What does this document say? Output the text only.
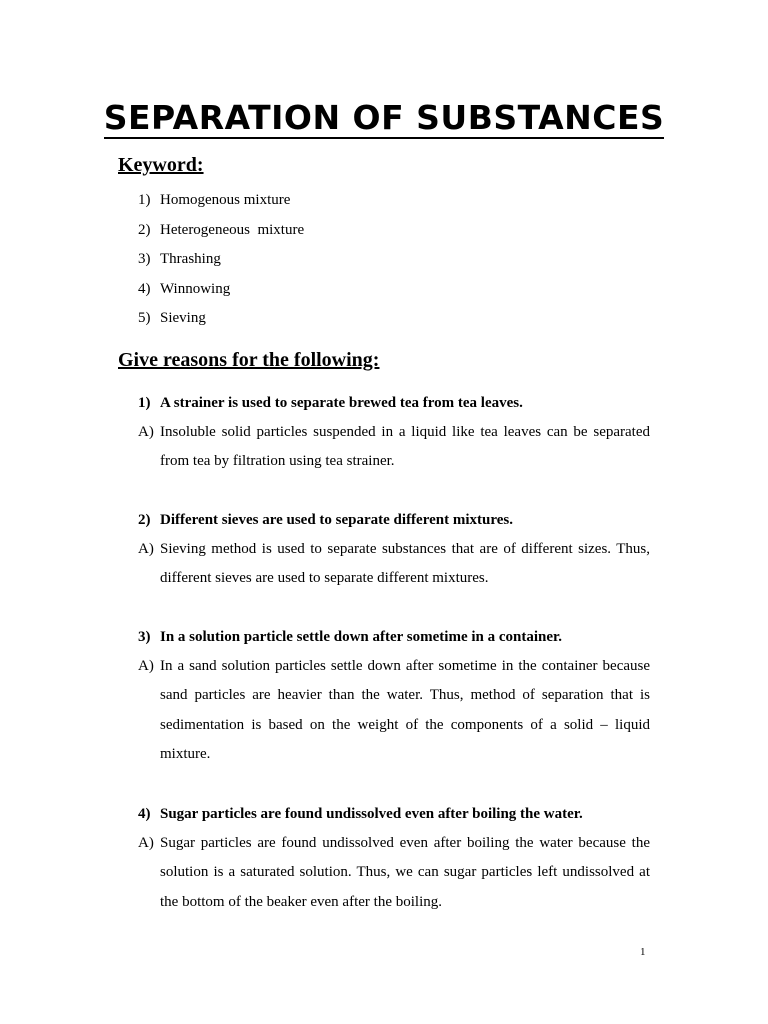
SEPARATION OF SUBSTANCES
Keyword:
1) Homogenous mixture
2) Heterogeneous  mixture
3) Thrashing
4) Winnowing
5) Sieving
Give reasons for the following:
1) A strainer is used to separate brewed tea from tea leaves.
A) Insoluble solid particles suspended in a liquid like tea leaves can be separated from tea by filtration using tea strainer.
2) Different sieves are used to separate different mixtures.
A) Sieving method is used to separate substances that are of different sizes. Thus, different sieves are used to separate different mixtures.
3) In a solution particle settle down after sometime in a container.
A) In a sand solution particles settle down after sometime in the container because sand particles are heavier than the water. Thus, method of separation that is sedimentation is based on the weight of the components of a solid – liquid mixture.
4) Sugar particles are found undissolved even after boiling the water.
A) Sugar particles are found undissolved even after boiling the water because the solution is a saturated solution. Thus, we can sugar particles left undissolved at the bottom of the beaker even after the boiling.
1
